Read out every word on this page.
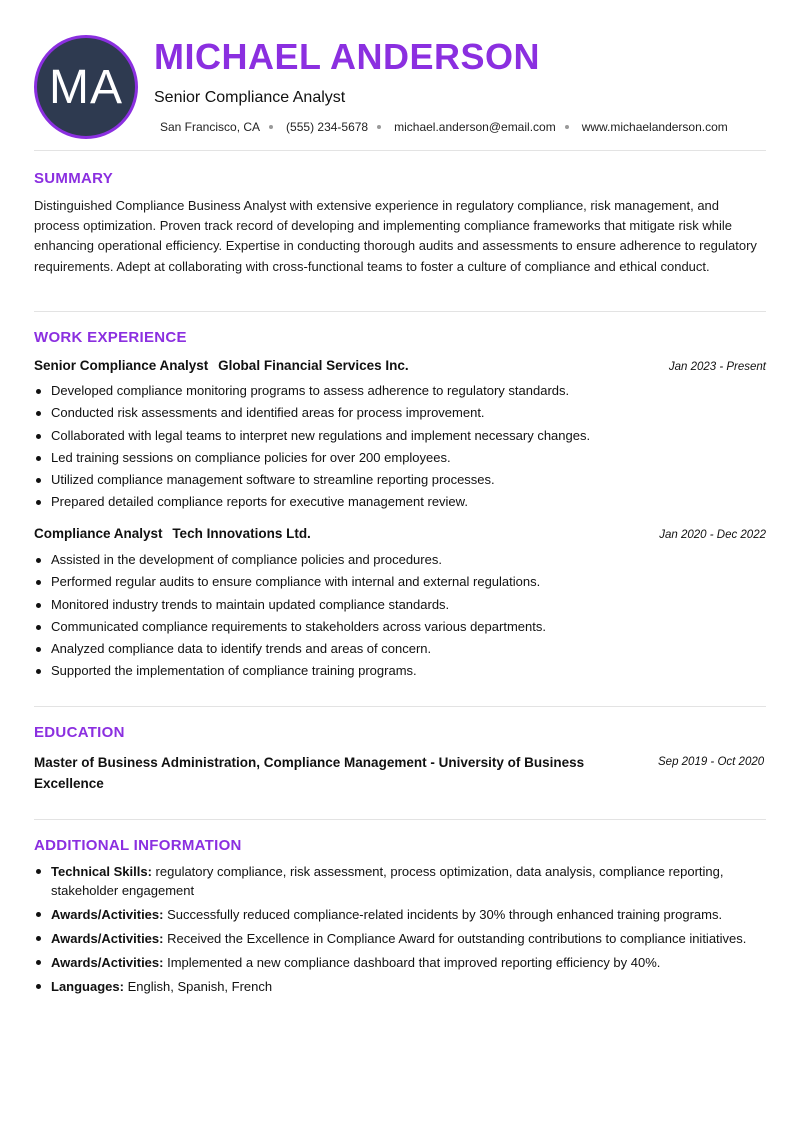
MA
MICHAEL ANDERSON
Senior Compliance Analyst
San Francisco, CA (555) 234-5678 michael.anderson@email.com www.michaelanderson.com
SUMMARY

Distinguished Compliance Business Analyst with extensive experience in regulatory compliance, risk management, and process optimization. Proven track record of developing and implementing compliance frameworks that mitigate risk while enhancing operational efficiency. Expertise in conducting thorough audits and assessments to ensure adherence to regulatory requirements. Adept at collaborating with cross-functional teams to foster a culture of compliance and ethical conduct.

WORK EXPERIENCE
Senior Compliance Analyst Global Financial Services Inc.	Jan 2023 - Present
Developed compliance monitoring programs to assess adherence to regulatory standards.
Conducted risk assessments and identified areas for process improvement.
Collaborated with legal teams to interpret new regulations and implement necessary changes.
Led training sessions on compliance policies for over 200 employees.
Utilized compliance management software to streamline reporting processes.
Prepared detailed compliance reports for executive management review.
Compliance Analyst Tech Innovations Ltd.	Jan 2020 - Dec 2022
Assisted in the development of compliance policies and procedures.
Performed regular audits to ensure compliance with internal and external regulations.
Monitored industry trends to maintain updated compliance standards.
Communicated compliance requirements to stakeholders across various departments.
Analyzed compliance data to identify trends and areas of concern.
Supported the implementation of compliance training programs.
EDUCATION
Master of Business Administration, Compliance Management - University of Business Excellence
Sep 2019 - Oct 2020
ADDITIONAL INFORMATION
Technical Skills: regulatory compliance, risk assessment, process optimization, data analysis, compliance reporting, stakeholder engagement
Awards/Activities: Successfully reduced compliance-related incidents by 30% through enhanced training programs.
Awards/Activities: Received the Excellence in Compliance Award for outstanding contributions to compliance initiatives.
Awards/Activities: Implemented a new compliance dashboard that improved reporting efficiency by 40%.
Languages: English, Spanish, French
